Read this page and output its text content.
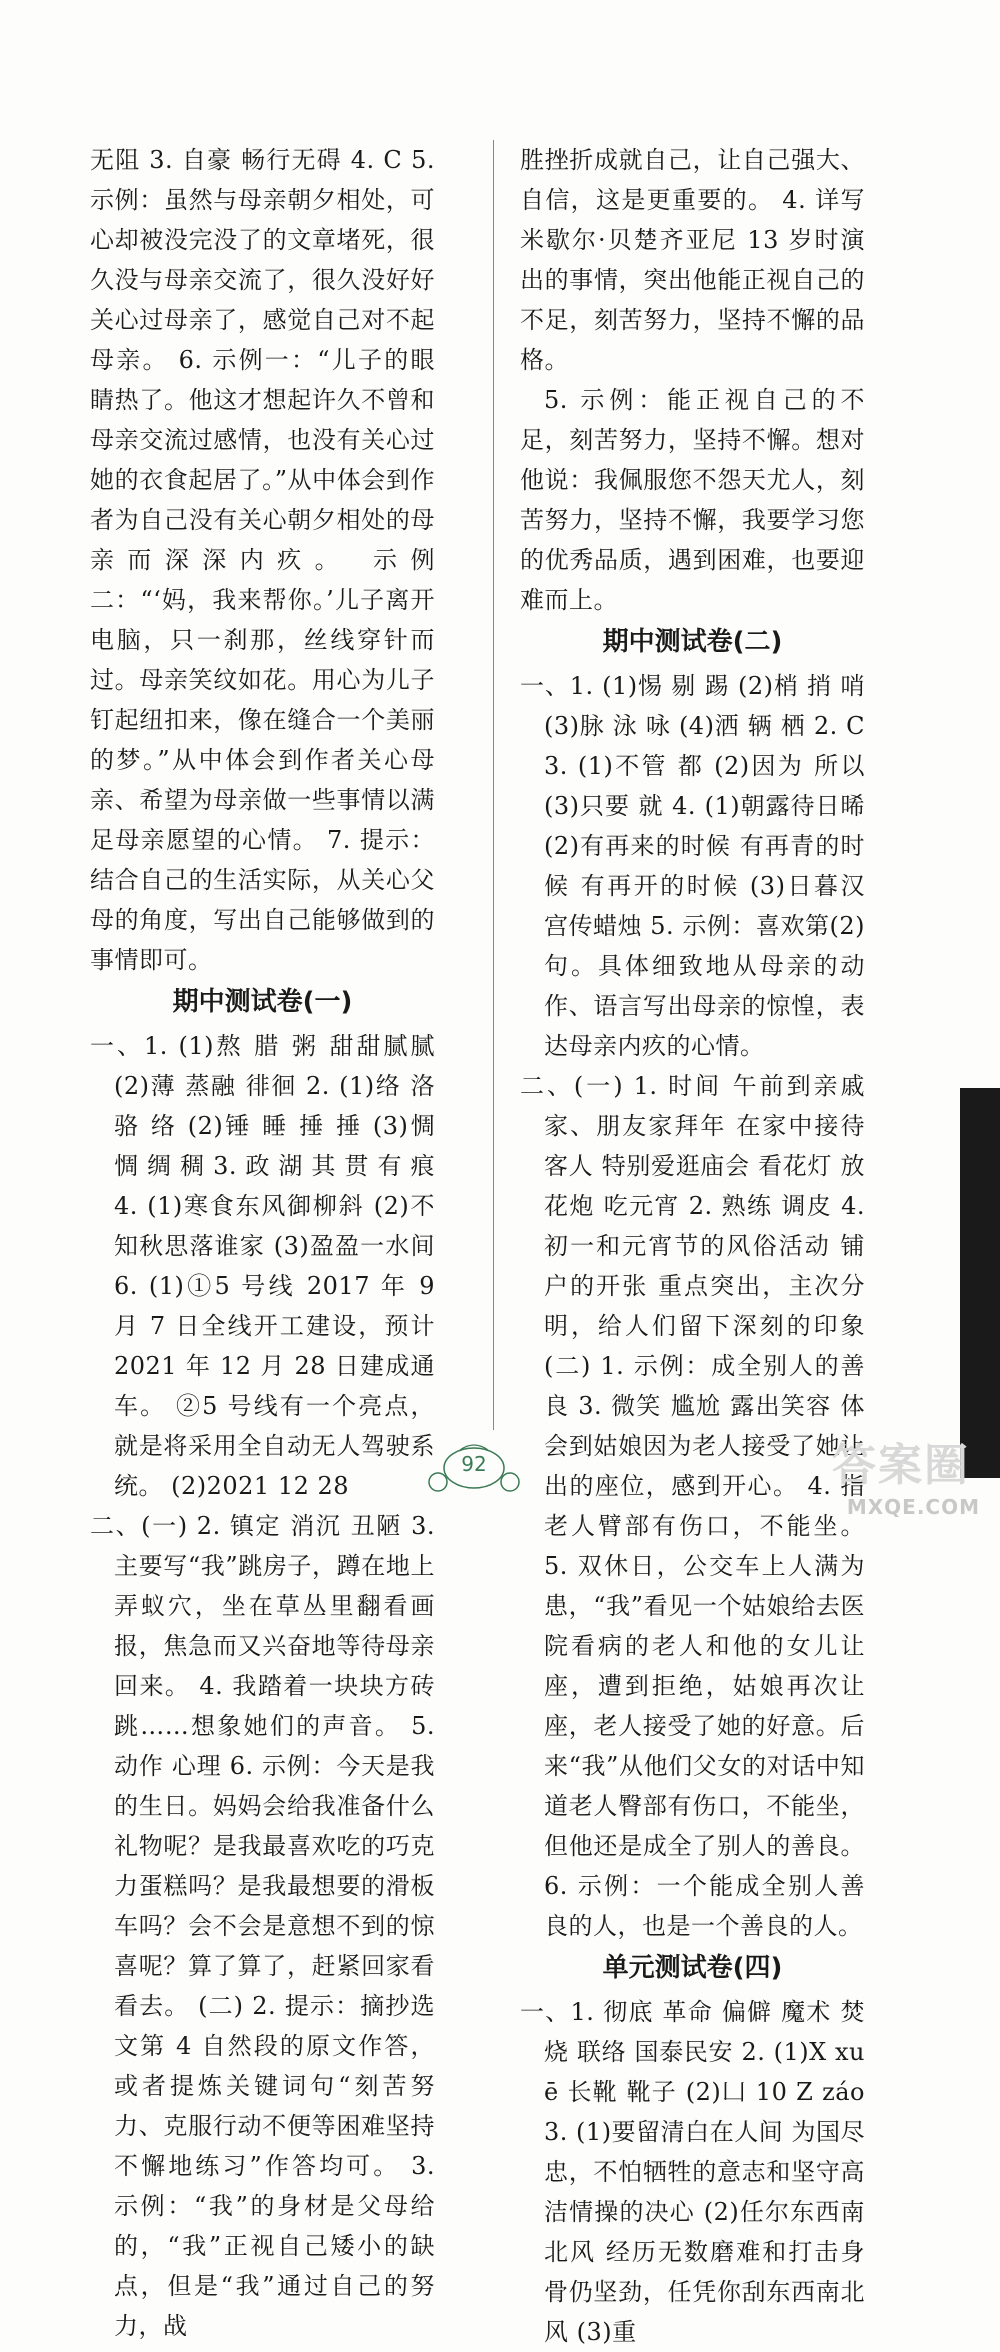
无阻 3. 自豪 畅行无碍 4. C 5. 示例：虽然与母亲朝夕相处，可心却被没完没了的文章堵死，很久没与母亲交流了，很久没好好关心过母亲了，感觉自己对不起母亲。 6. 示例一：“儿子的眼睛热了。他这才想起许久不曾和母亲交流过感情，也没有关心过她的衣食起居了。”从中体会到作者为自己没有关心朝夕相处的母亲而深深内疚。 示例二：“‘妈，我来帮你。’儿子离开电脑，只一刹那，丝线穿针而过。母亲笑纹如花。用心为儿子钉起纽扣来，像在缝合一个美丽的梦。”从中体会到作者关心母亲、希望为母亲做一些事情以满足母亲愿望的心情。 7. 提示：结合自己的生活实际，从关心父母的角度，写出自己能够做到的事情即可。

期中测试卷(一)

一、1. (1)熬 腊 粥 甜甜腻腻 (2)薄 蒸融 徘徊 2. (1)络 洛 骆 络 (2)锤 睡 捶 捶 (3)惆 惆 绸 稠 3. 政 湖 其 贯 有 痕 4. (1)寒食东风御柳斜 (2)不知秋思落谁家 (3)盈盈一水间 6. (1)①5 号线 2017 年 9 月 7 日全线开工建设，预计 2021 年 12 月 28 日建成通车。 ②5 号线有一个亮点，就是将采用全自动无人驾驶系统。 (2)2021 12 28

二、(一) 2. 镇定 消沉 丑陋 3. 主要写“我”跳房子，蹲在地上弄蚁穴，坐在草丛里翻看画报，焦急而又兴奋地等待母亲回来。 4. 我踏着一块块方砖跳……想象她们的声音。 5. 动作 心理 6. 示例：今天是我的生日。妈妈会给我准备什么礼物呢？是我最喜欢吃的巧克力蛋糕吗？是我最想要的滑板车吗？会不会是意想不到的惊喜呢？算了算了，赶紧回家看看去。 (二) 2. 提示：摘抄选文第 4 自然段的原文作答，或者提炼关键词句“刻苦努力、克服行动不便等困难坚持不懈地练习”作答均可。 3. 示例：“我”的身材是父母给的，“我”正视自己矮小的缺点，但是“我”通过自己的努力，战

胜挫折成就自己，让自己强大、自信，这是更重要的。 4. 详写米歇尔·贝楚齐亚尼 13 岁时演出的事情，突出他能正视自己的不足，刻苦努力，坚持不懈的品格。

5. 示例：能正视自己的不足，刻苦努力，坚持不懈。想对他说：我佩服您不怨天尤人，刻苦努力，坚持不懈，我要学习您的优秀品质，遇到困难，也要迎难而上。

期中测试卷(二)

一、1. (1)惕 剔 踢 (2)梢 捎 哨 (3)脉 泳 咏 (4)洒 辆 栖 2. C 3. (1)不管 都 (2)因为 所以 (3)只要 就 4. (1)朝露待日晞 (2)有再来的时候 有再青的时候 有再开的时候 (3)日暮汉宫传蜡烛 5. 示例：喜欢第(2)句。具体细致地从母亲的动作、语言写出母亲的惊惶，表达母亲内疚的心情。

二、(一) 1. 时间 午前到亲戚家、朋友家拜年 在家中接待客人 特别爱逛庙会 看花灯 放花炮 吃元宵 2. 熟练 调皮 4. 初一和元宵节的风俗活动 铺户的开张 重点突出，主次分明，给人们留下深刻的印象 (二) 1. 示例：成全别人的善良 3. 微笑 尴尬 露出笑容 体会到姑娘因为老人接受了她让出的座位，感到开心。 4. 指老人臂部有伤口，不能坐。 5. 双休日，公交车上人满为患，“我”看见一个姑娘给去医院看病的老人和他的女儿让座，遭到拒绝，姑娘再次让座，老人接受了她的好意。后来“我”从他们父女的对话中知道老人臀部有伤口，不能坐，但他还是成全了别人的善良。 6. 示例：一个能成全别人善良的人，也是一个善良的人。

单元测试卷(四)

一、1. 彻底 革命 偏僻 魔术 焚烧 联络 国泰民安 2. (1)X xuē 长靴 靴子 (2)凵 10 Z záo 3. (1)要留清白在人间 为国尽忠，不怕牺牲的意志和坚守高洁情操的决心 (2)任尔东西南北风 经历无数磨难和打击身骨仍坚劲，任凭你刮东西南北风 (3)重

92	答案圈
MXQE.COM
